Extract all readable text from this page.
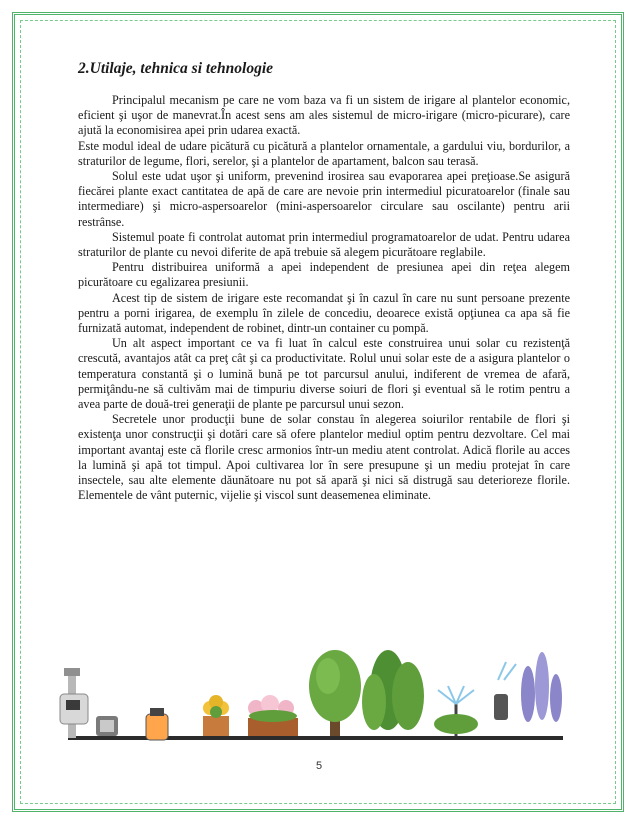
2.Utilaje, tehnica si tehnologie

Principalul mecanism pe care ne vom baza va fi un sistem de irigare al plantelor economic, eficient şi uşor de manevrat.În acest sens am ales sistemul de micro-irigare (micro-picurare), care ajută la economisirea apei prin udarea exactă.

Este modul ideal de udare picătură cu picătură a plantelor ornamentale, a gardului viu, bordurilor, a straturilor de legume, flori, serelor, şi a plantelor de apartament, balcon sau terasă.

Solul este udat uşor şi uniform, prevenind irosirea sau evaporarea apei preţioase.Se asigură fiecărei plante exact cantitatea de apă de care are nevoie prin intermediul picuratoarelor (finale sau intermediare) şi micro-aspersoarelor (mini-aspersoarelor circulare sau oscilante) pentru arii restrânse.

Sistemul poate fi controlat automat prin intermediul programatoarelor de udat. Pentru udarea straturilor de plante cu nevoi diferite de apă trebuie să alegem picurătoare reglabile.

Pentru distribuirea uniformă a apei independent de presiunea apei din reţea alegem picurătoare cu egalizarea presiunii.

Acest tip de sistem de irigare este recomandat şi în cazul în care nu sunt persoane prezente pentru a porni irigarea, de exemplu în zilele de concediu, deoarece există opţiunea ca apa să fie furnizată automat, independent de robinet, dintr-un container cu pompă.

Un alt aspect important ce va fi luat în calcul este construirea unui solar cu rezistenţă crescută, avantajos atât ca preţ cât şi ca productivitate. Rolul unui solar este de a asigura plantelor o temperatura constantă şi o lumină bună pe tot parcursul anului, indiferent de vremea de afară, permiţându-ne să cultivăm mai de timpuriu diverse soiuri de flori şi eventual să le rotim pentru a avea parte de două-trei generaţii de plante pe parcursul unui sezon.

Secretele unor producţii bune de solar constau în alegerea soiurilor rentabile de flori şi existenţa unor construcţii şi dotări care să ofere plantelor mediul optim pentru dezvoltare. Cel mai important avantaj este că florile cresc armonios într-un mediu atent controlat. Adică florile au acces la lumină şi apă tot timpul. Apoi cultivarea lor în sere presupune şi un mediu protejat în care insectele, sau alte elemente dăunătoare nu pot să apară şi nici să distrugă sau deterioreze florile. Elementele de vânt puternic, vijelie şi viscol sunt deasemenea eliminate.

5
